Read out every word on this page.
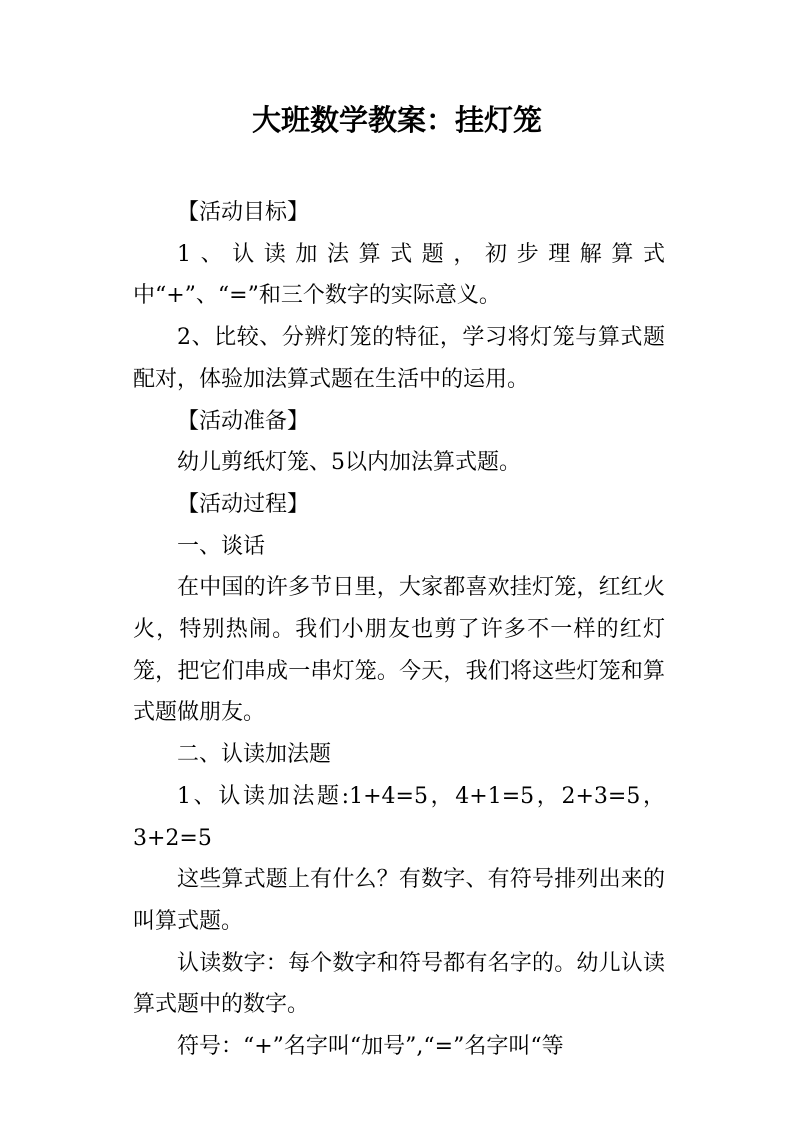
大班数学教案：挂灯笼

【活动目标】

1、认读加法算式题，初步理解算式中“+”、“=”和三个数字的实际意义。

2、比较、分辨灯笼的特征，学习将灯笼与算式题配对，体验加法算式题在生活中的运用。

【活动准备】

幼儿剪纸灯笼、5以内加法算式题。

【活动过程】

一、谈话

在中国的许多节日里，大家都喜欢挂灯笼，红红火火，特别热闹。我们小朋友也剪了许多不一样的红灯笼，把它们串成一串灯笼。今天，我们将这些灯笼和算式题做朋友。

二、认读加法题

1、认读加法题:1+4=5，4+1=5，2+3=5，3+2=5

这些算式题上有什么？有数字、有符号排列出来的叫算式题。

认读数字：每个数字和符号都有名字的。幼儿认读算式题中的数字。

符号：“+”名字叫“加号”,“=”名字叫“等
